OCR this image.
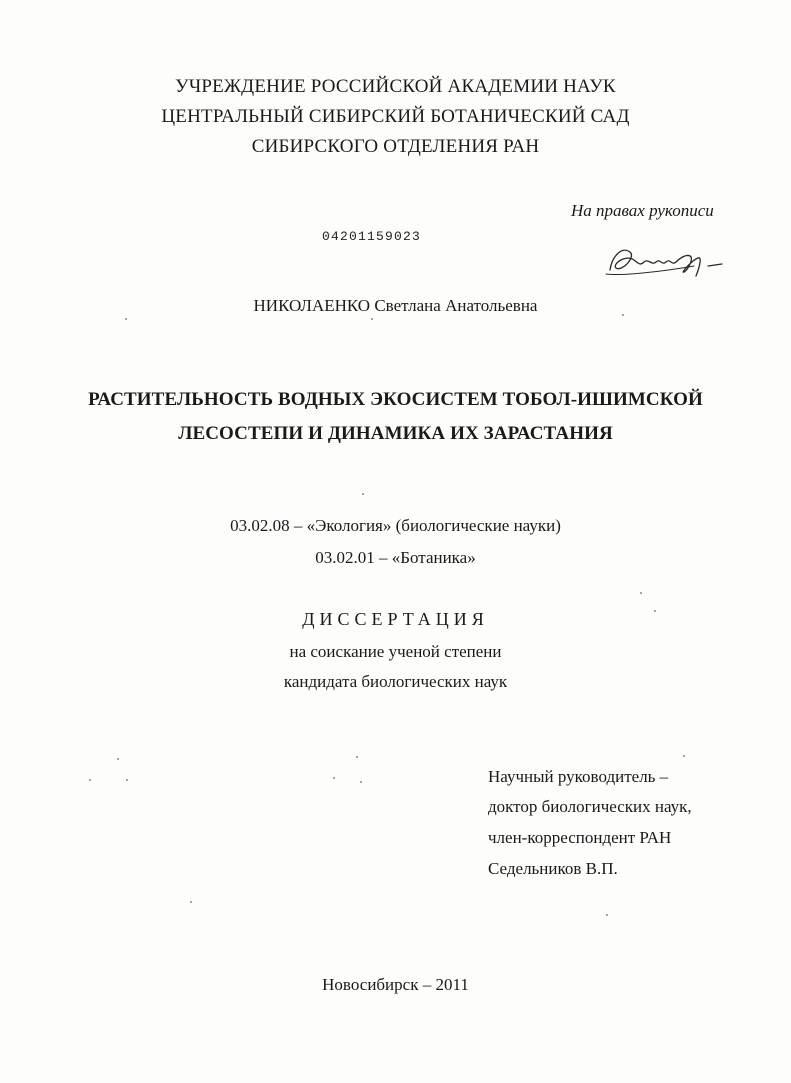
УЧРЕЖДЕНИЕ РОССИЙСКОЙ АКАДЕМИИ НАУК
ЦЕНТРАЛЬНЫЙ СИБИРСКИЙ БОТАНИЧЕСКИЙ САД
СИБИРСКОГО ОТДЕЛЕНИЯ РАН
На правах рукописи
04201159023
НИКОЛАЕНКО Светлана Анатольевна
РАСТИТЕЛЬНОСТЬ ВОДНЫХ ЭКОСИСТЕМ ТОБОЛ-ИШИМСКОЙ
ЛЕСОСТЕПИ И ДИНАМИКА ИХ ЗАРАСТАНИЯ
03.02.08 – «Экология» (биологические науки)
03.02.01 – «Ботаника»
ДИССЕРТАЦИЯ
на соискание ученой степени
кандидата биологических наук
Научный руководитель –
доктор биологических наук,
член-корреспондент РАН
Седельников В.П.
Новосибирск – 2011
